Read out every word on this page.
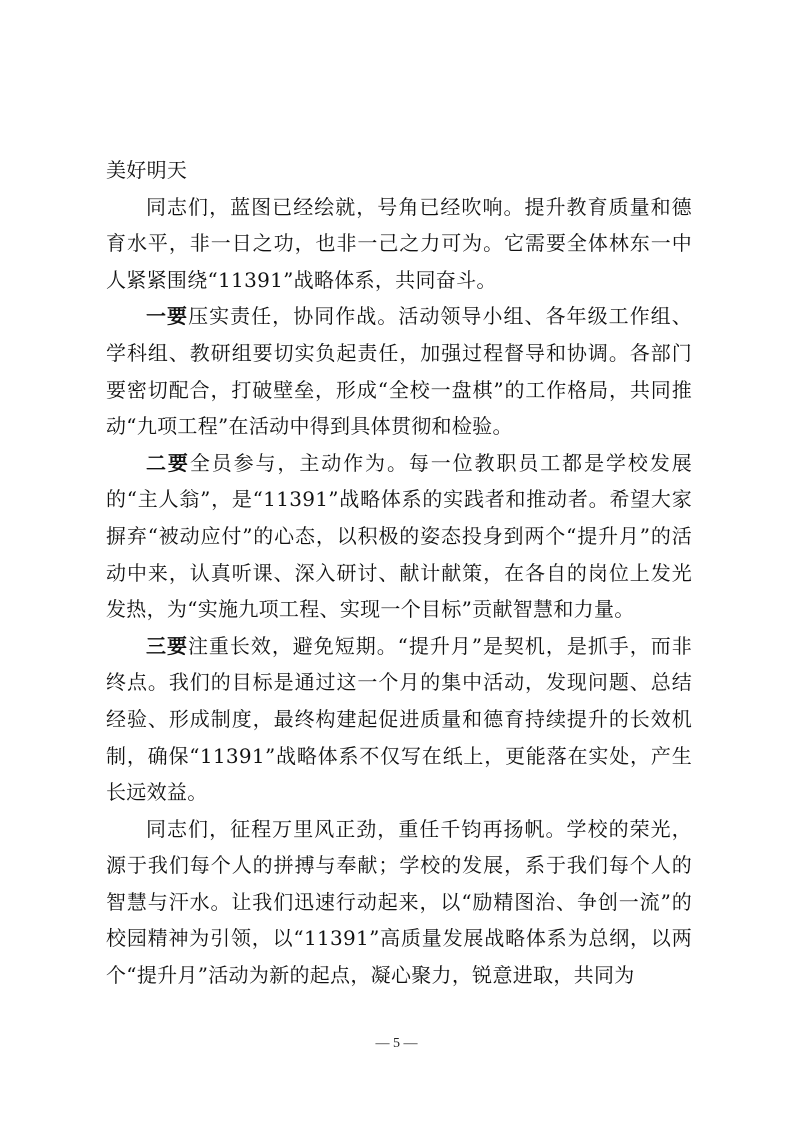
美好明天

同志们，蓝图已经绘就，号角已经吹响。提升教育质量和德育水平，非一日之功，也非一己之力可为。它需要全体林东一中人紧紧围绕“11391”战略体系，共同奋斗。

一要压实责任，协同作战。活动领导小组、各年级工作组、学科组、教研组要切实负起责任，加强过程督导和协调。各部门要密切配合，打破壁垒，形成“全校一盘棋”的工作格局，共同推动“九项工程”在活动中得到具体贯彻和检验。

二要全员参与，主动作为。每一位教职员工都是学校发展的“主人翁”，是“11391”战略体系的实践者和推动者。希望大家摒弃“被动应付”的心态，以积极的姿态投身到两个“提升月”的活动中来，认真听课、深入研讨、献计献策，在各自的岗位上发光发热，为“实施九项工程、实现一个目标”贡献智慧和力量。

三要注重长效，避免短期。“提升月”是契机，是抓手，而非终点。我们的目标是通过这一个月的集中活动，发现问题、总结经验、形成制度，最终构建起促进质量和德育持续提升的长效机制，确保“11391”战略体系不仅写在纸上，更能落在实处，产生长远效益。

同志们，征程万里风正劲，重任千钧再扬帆。学校的荣光，源于我们每个人的拼搏与奉献；学校的发展，系于我们每个人的智慧与汗水。让我们迅速行动起来，以“励精图治、争创一流”的校园精神为引领，以“11391”高质量发展战略体系为总纲，以两个“提升月”活动为新的起点，凝心聚力，锐意进取，共同为

— 5 —
